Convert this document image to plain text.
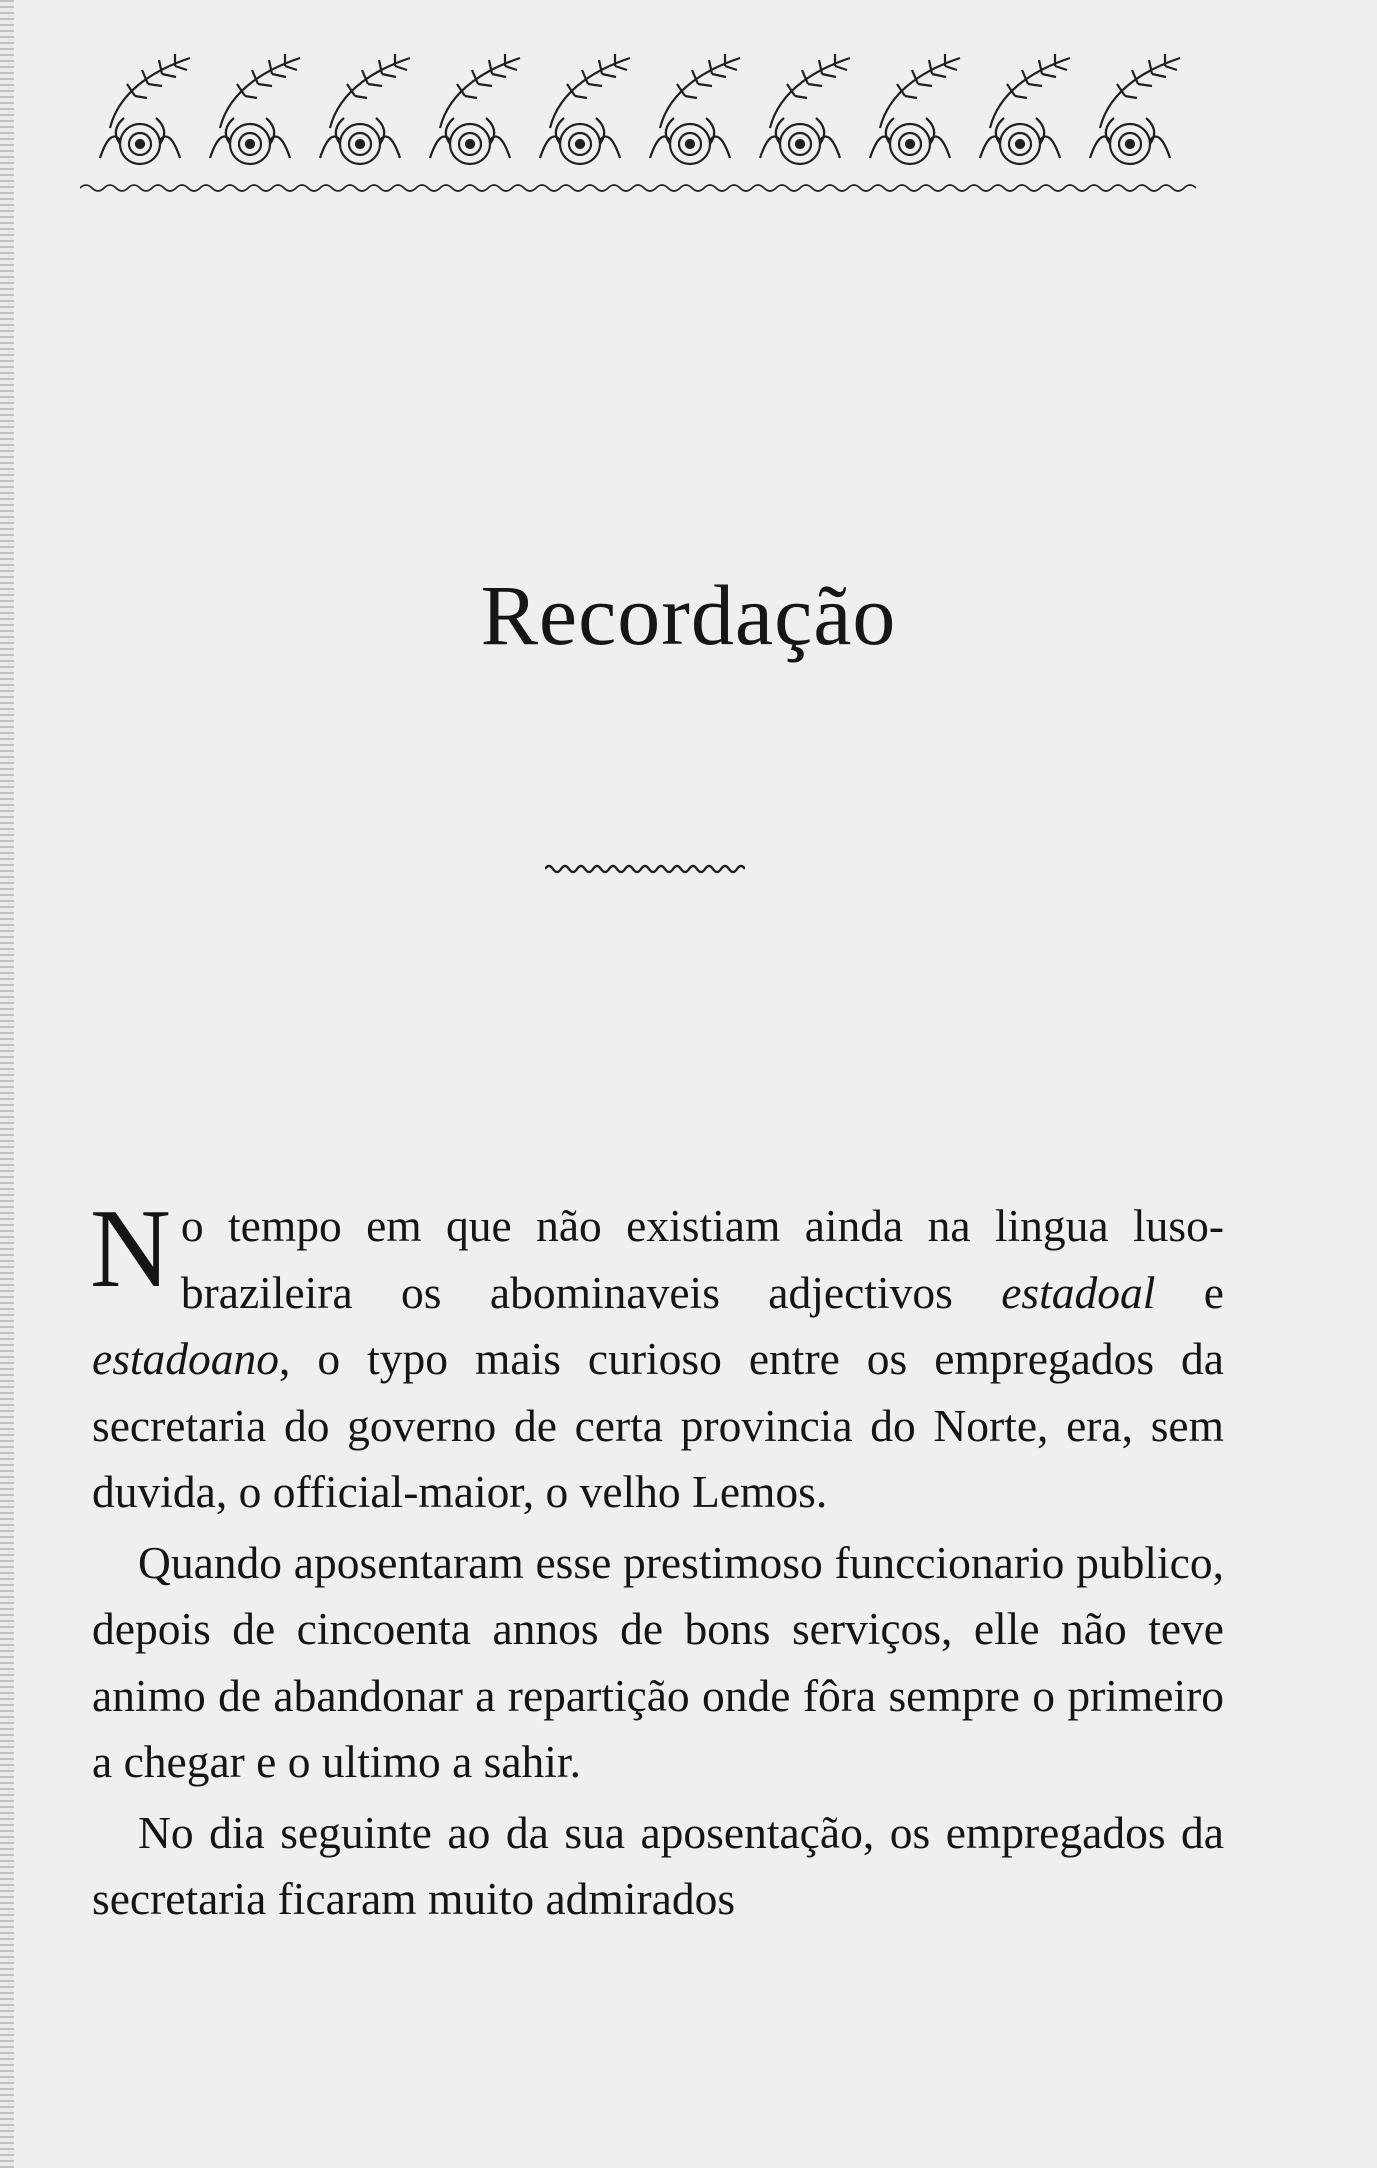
Recordação

No tempo em que não existiam ainda na lingua luso-brazileira os abominaveis adjectivos estadoal e estadoano, o typo mais curioso entre os empregados da secretaria do governo de certa provincia do Norte, era, sem duvida, o official-maior, o velho Lemos.

Quando aposentaram esse prestimoso funccionario publico, depois de cincoenta annos de bons serviços, elle não teve animo de abandonar a repartição onde fôra sempre o primeiro a chegar e o ultimo a sahir.

No dia seguinte ao da sua aposentação, os empregados da secretaria ficaram muito admirados
